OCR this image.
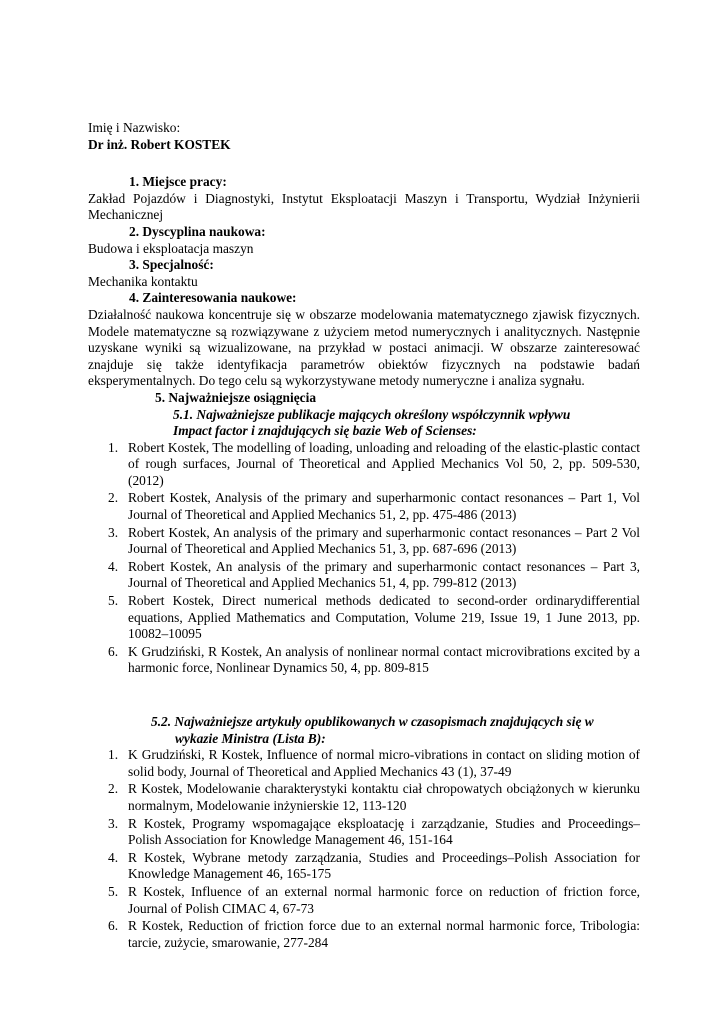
Imię i Nazwisko:

Dr inż. Robert KOSTEK

1. Miejsce pracy:

Zakład Pojazdów i Diagnostyki, Instytut Eksploatacji Maszyn i Transportu, Wydział Inżynierii Mechanicznej

2. Dyscyplina naukowa:

Budowa i eksploatacja maszyn

3. Specjalność:

Mechanika kontaktu

4. Zainteresowania naukowe:

Działalność naukowa koncentruje się w obszarze modelowania matematycznego zjawisk fizycznych. Modele matematyczne są rozwiązywane z użyciem metod numerycznych i analitycznych. Następnie uzyskane wyniki są wizualizowane, na przykład w postaci animacji. W obszarze zainteresować znajduje się także identyfikacja parametrów obiektów fizycznych na podstawie badań eksperymentalnych. Do tego celu są wykorzystywane metody numeryczne i analiza sygnału.

5. Najważniejsze osiągnięcia

5.1. Najważniejsze publikacje mających określony współczynnik wpływu
Impact factor i znajdujących się bazie Web of Scienses:
1. Robert Kostek, The modelling of loading, unloading and reloading of the elastic-plastic contact of rough surfaces, Journal of Theoretical and Applied Mechanics Vol 50, 2, pp. 509-530, (2012)
2. Robert Kostek, Analysis of the primary and superharmonic contact resonances – Part 1, Vol Journal of Theoretical and Applied Mechanics 51, 2, pp. 475-486 (2013)
3. Robert Kostek, An analysis of the primary and superharmonic contact resonances – Part 2 Vol Journal of Theoretical and Applied Mechanics 51, 3, pp. 687-696 (2013)
4. Robert Kostek, An analysis of the primary and superharmonic contact resonances – Part 3, Journal of Theoretical and Applied Mechanics 51, 4, pp. 799-812 (2013)
5. Robert Kostek, Direct numerical methods dedicated to second-order ordinarydifferential equations, Applied Mathematics and Computation, Volume 219, Issue 19, 1 June 2013, pp. 10082–10095
6. K Grudziński, R Kostek, An analysis of nonlinear normal contact microvibrations excited by a harmonic force, Nonlinear Dynamics 50, 4, pp. 809-815
5.2. Najważniejsze artykuły opublikowanych w czasopismach znajdujących się w
wykazie Ministra (Lista B):
1. K Grudziński, R Kostek, Influence of normal micro-vibrations in contact on sliding motion of solid body, Journal of Theoretical and Applied Mechanics 43 (1), 37-49
2. R Kostek, Modelowanie charakterystyki kontaktu ciał chropowatych obciążonych w kierunku normalnym, Modelowanie inżynierskie 12, 113-120
3. R Kostek, Programy wspomagające eksploatację i zarządzanie, Studies and Proceedings–Polish Association for Knowledge Management 46, 151-164
4. R Kostek, Wybrane metody zarządzania, Studies and Proceedings–Polish Association for Knowledge Management 46, 165-175
5. R Kostek, Influence of an external normal harmonic force on reduction of friction force, Journal of Polish CIMAC 4, 67-73
6. R Kostek, Reduction of friction force due to an external normal harmonic force, Tribologia: tarcie, zużycie, smarowanie, 277-284
